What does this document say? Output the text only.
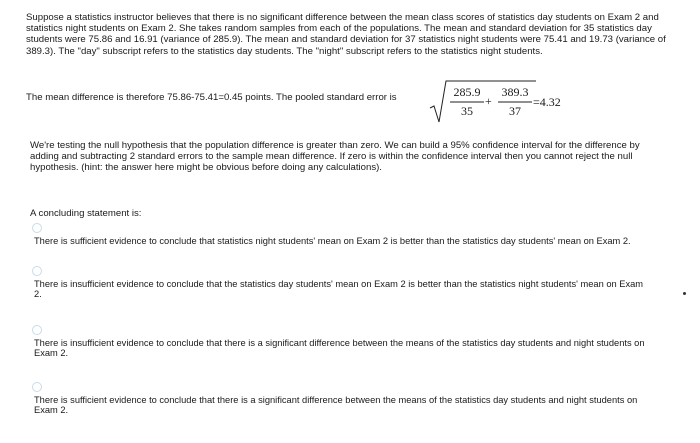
Suppose a statistics instructor believes that there is no significant difference between the mean class scores of statistics day students on Exam 2 and statistics night students on Exam 2. She takes random samples from each of the populations. The mean and standard deviation for 35 statistics day students were 75.86 and 16.91 (variance of 285.9). The mean and standard deviation for 37 statistics night students were 75.41 and 19.73 (variance of 389.3). The "day" subscript refers to the statistics day students. The "night" subscript refers to the statistics night students.
The mean difference is therefore 75.86-75.41=0.45 points. The pooled standard error is	285.9
35
+
389.3
37
=4.32
We're testing the null hypothesis that the population difference is greater than zero. We can build a 95% confidence interval for the difference by adding and subtracting 2 standard errors to the sample mean difference. If zero is within the confidence interval then you cannot reject the null hypothesis. (hint: the answer here might be obvious before doing any calculations).
A concluding statement is:
There is sufficient evidence to conclude that statistics night students' mean on Exam 2 is better than the statistics day students' mean on Exam 2.
There is insufficient evidence to conclude that the statistics day students' mean on Exam 2 is better than the statistics night students' mean on Exam 2.
There is insufficient evidence to conclude that there is a significant difference between the means of the statistics day students and night students on Exam 2.
There is sufficient evidence to conclude that there is a significant difference between the means of the statistics day students and night students on Exam 2.
